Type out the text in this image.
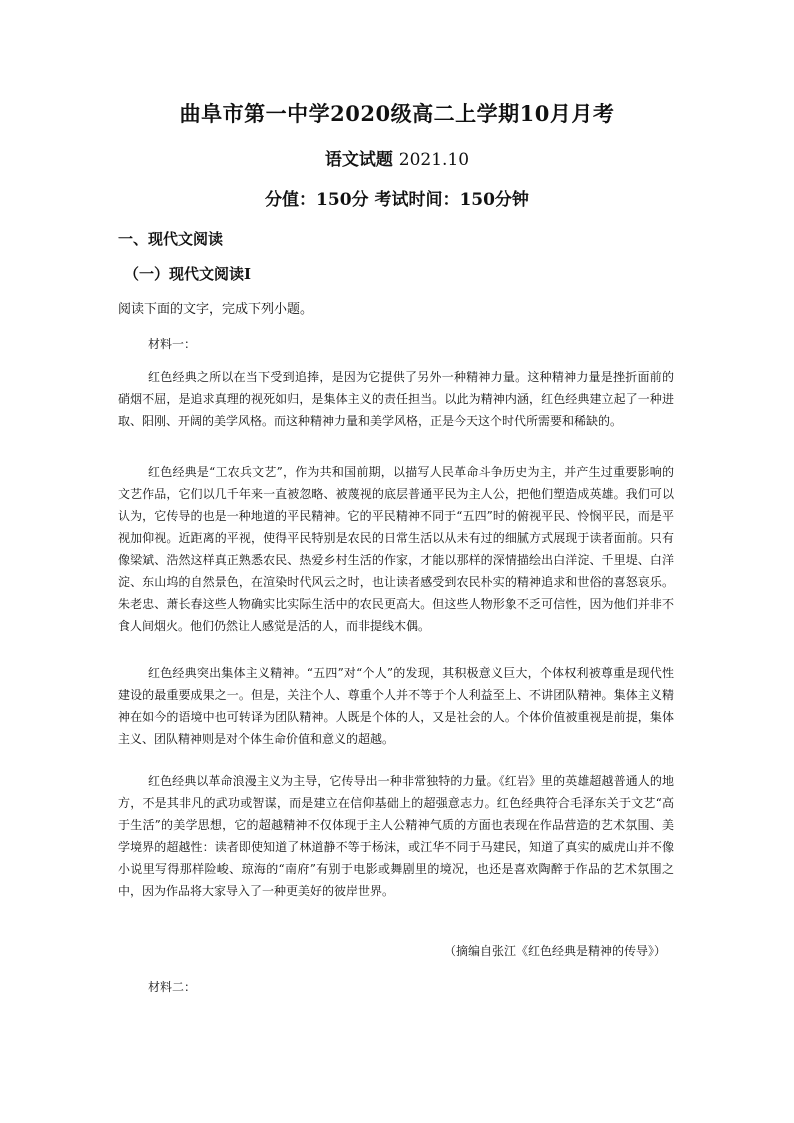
曲阜市第一中学2020级高二上学期10月月考
语文试题 2021.10
分值：150分 考试时间：150分钟
一、现代文阅读
（一）现代文阅读Ⅰ
阅读下面的文字，完成下列小题。
材料一：

红色经典之所以在当下受到追捧，是因为它提供了另外一种精神力量。这种精神力量是挫折面前的硝烟不屈，是追求真理的视死如归，是集体主义的责任担当。以此为精神内涵，红色经典建立起了一种进取、阳刚、开阔的美学风格。而这种精神力量和美学风格，正是今天这个时代所需要和稀缺的。

红色经典是“工农兵文艺”，作为共和国前期，以描写人民革命斗争历史为主，并产生过重要影响的文艺作品，它们以几千年来一直被忽略、被蔑视的底层普通平民为主人公，把他们塑造成英雄。我们可以认为，它传导的也是一种地道的平民精神。它的平民精神不同于“五四”时的俯视平民、怜悯平民，而是平视加仰视。近距离的平视，使得平民特别是农民的日常生活以从未有过的细腻方式展现于读者面前。只有像梁斌、浩然这样真正熟悉农民、热爱乡村生活的作家，才能以那样的深情描绘出白洋淀、千里堤、白洋淀、东山坞的自然景色，在渲染时代风云之时，也让读者感受到农民朴实的精神追求和世俗的喜怒哀乐。朱老忠、萧长春这些人物确实比实际生活中的农民更高大。但这些人物形象不乏可信性，因为他们并非不食人间烟火。他们仍然让人感觉是活的人，而非提线木偶。

红色经典突出集体主义精神。“五四”对“个人”的发现，其积极意义巨大，个体权利被尊重是现代性建设的最重要成果之一。但是，关注个人、尊重个人并不等于个人利益至上、不讲团队精神。集体主义精神在如今的语境中也可转译为团队精神。人既是个体的人，又是社会的人。个体价值被重视是前提，集体主义、团队精神则是对个体生命价值和意义的超越。

红色经典以革命浪漫主义为主导，它传导出一种非常独特的力量。《红岩》里的英雄超越普通人的地方，不是其非凡的武功或智谋，而是建立在信仰基础上的超强意志力。红色经典符合毛泽东关于文艺“高于生活”的美学思想，它的超越精神不仅体现于主人公精神气质的方面也表现在作品营造的艺术氛围、美学境界的超越性：读者即使知道了林道静不等于杨沫，或江华不同于马建民，知道了真实的威虎山并不像小说里写得那样险峻、琼海的“南府”有别于电影或舞剧里的境况，也还是喜欢陶醉于作品的艺术氛围之中，因为作品将大家导入了一种更美好的彼岸世界。

（摘编自张江《红色经典是精神的传导》）
材料二：
